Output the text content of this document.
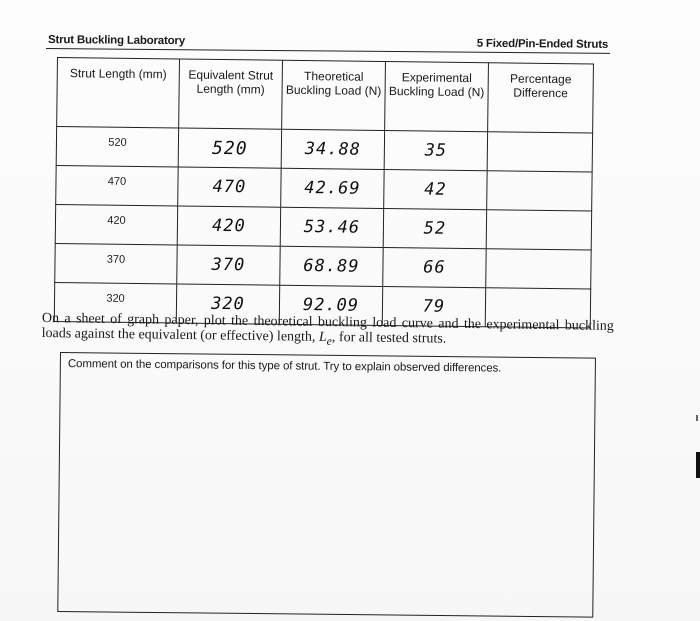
Strut Buckling Laboratory	5 Fixed/Pin-Ended Struts
Strut Length (mm)	Equivalent Strut Length (mm)	Theoretical Buckling Load (N)	Experimental Buckling Load (N)	Percentage Difference
520	520	34.88	35	
470	470	42.69	42	
420	420	53.46	52	
370	370	68.89	66	
320	320	92.09	79	

On a sheet of graph paper, plot the theoretical buckling load curve and the experimental buckling loads against the equivalent (or effective) length, $L_e$, for all tested struts.

Comment on the comparisons for this type of strut. Try to explain observed differences.
